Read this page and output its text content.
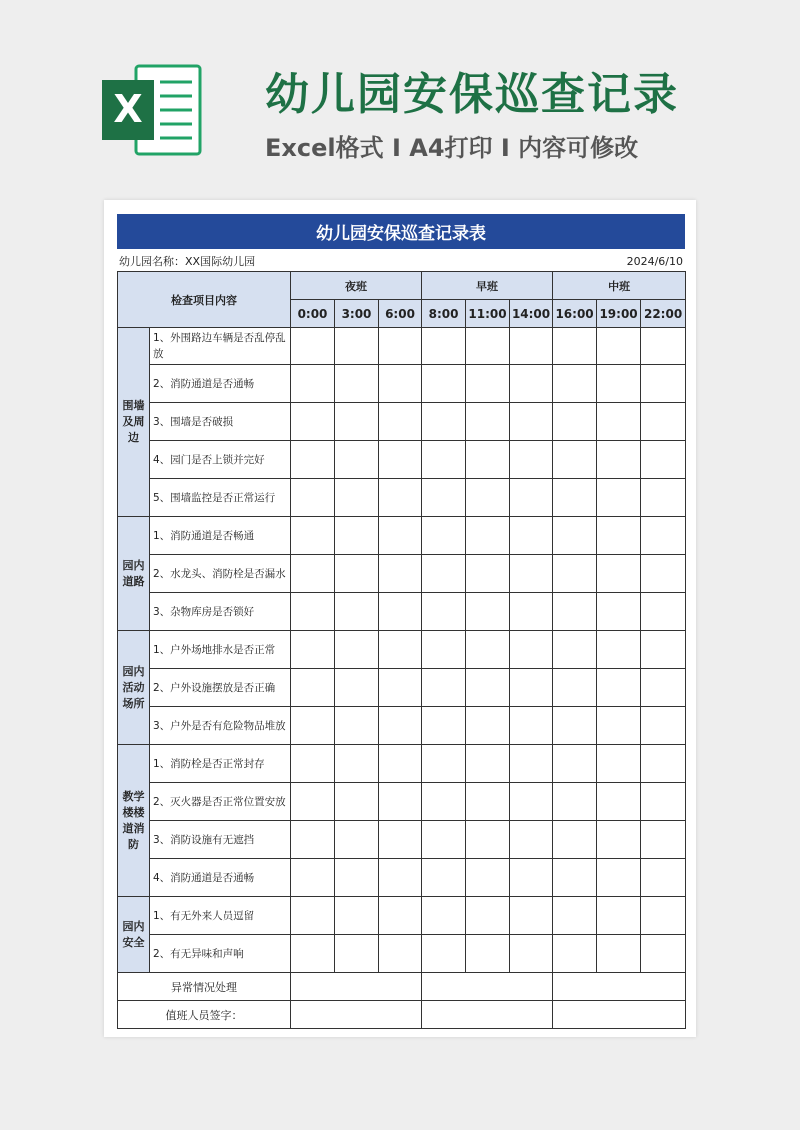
X	幼儿园安保巡查记录
Excel格式 I A4打印 I 内容可修改
幼儿园安保巡查记录表
幼儿园名称：XX国际幼儿园	2024/6/10
检查项目内容		夜班			早班			中班		
		0:00	3:00	6:00	8:00	11:00	14:00	16:00	19:00	22:00
围墙及周边	1、外围路边车辆是否乱停乱放									
	2、消防通道是否通畅									
	3、围墙是否破损									
	4、园门是否上锁并完好									
	5、围墙监控是否正常运行									
园内道路	1、消防通道是否畅通									
	2、水龙头、消防栓是否漏水									
	3、杂物库房是否锁好									
园内活动场所	1、户外场地排水是否正常									
	2、户外设施摆放是否正确									
	3、户外是否有危险物品堆放									
教学楼楼道消防	1、消防栓是否正常封存									
	2、灭火器是否正常位置安放									
	3、消防设施有无遮挡									
	4、消防通道是否通畅									
园内安全	1、有无外来人员逗留									
	2、有无异味和声响									
异常情况处理										
值班人员签字：										
